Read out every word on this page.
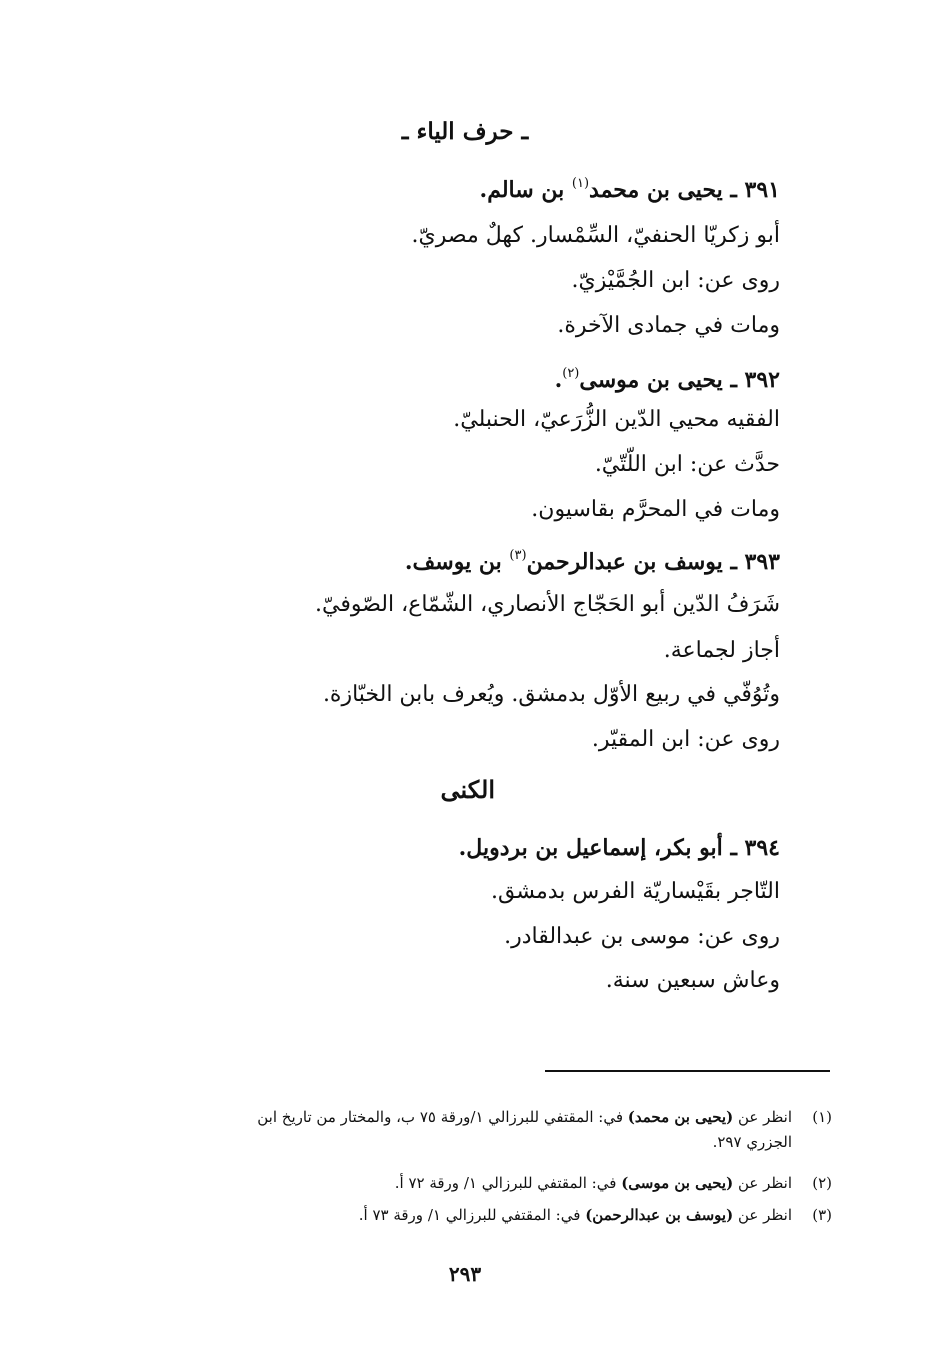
ـ حرف الياء ـ

٣٩١ ـ يحيى بن محمد$^{(١)}$ بن سالم.

أبو زكريّا الحنفيّ، السِّمْسار. كهلٌ مصريّ.

روى عن: ابن الجُمَّيْزيّ.

ومات في جمادى الآخرة.

٣٩٢ ـ يحيى بن موسى$^{(٢)}$.

الفقيه محيي الدّين الزُّرَعيّ، الحنبليّ.

حدَّث عن: ابن اللّتّيّ.

ومات في المحرَّم بقاسيون.

٣٩٣ ـ يوسف بن عبدالرحمن$^{(٣)}$ بن يوسف.

شَرَفُ الدّين أبو الحَجّاج الأنصاري، الشّمّاع، الصّوفيّ.

أجاز لجماعة.

وتُوُفّي في ربيع الأوّل بدمشق. ويُعرف بابن الخبّازة.

روى عن: ابن المقيّر.

الكنى

٣٩٤ ـ أبو بكر، إسماعيل بن بردويل.

التّاجر بقَيْساريّة الفرس بدمشق.

روى عن: موسى بن عبدالقادر.

وعاش سبعين سنة.

(١)انظر عن (يحيى بن محمد) في: المقتفي للبرزالي ١/ورقة ٧٥ ب، والمختار من تاريخ ابن
الجزري ٢٩٧.

(٢)انظر عن (يحيى بن موسى) في: المقتفي للبرزالي ١/ ورقة ٧٢ أ.

(٣)انظر عن (يوسف بن عبدالرحمن) في: المقتفي للبرزالي ١/ ورقة ٧٣ أ.

٢٩٣
